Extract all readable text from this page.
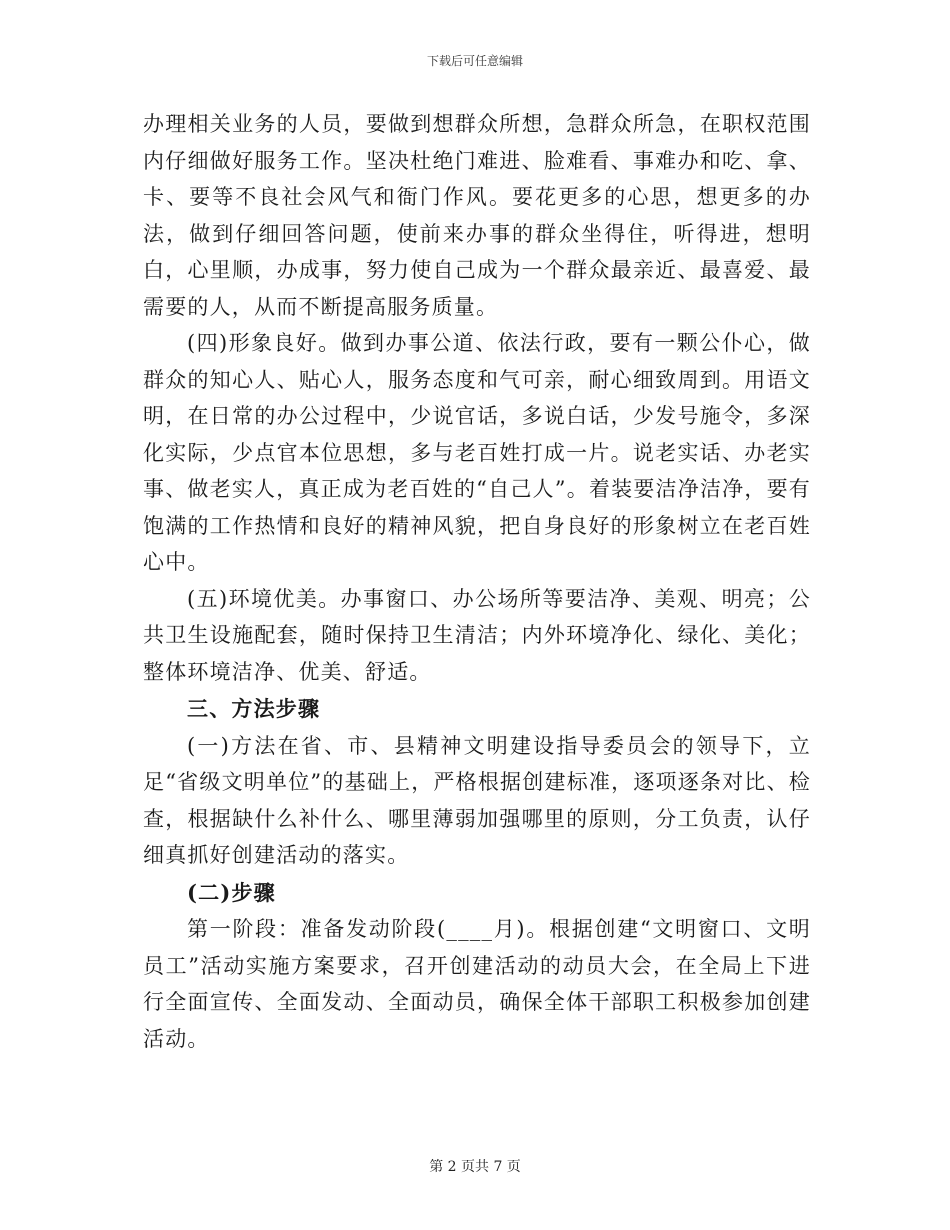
下载后可任意编辑

办理相关业务的人员，要做到想群众所想，急群众所急，在职权范围内仔细做好服务工作。坚决杜绝门难进、脸难看、事难办和吃、拿、卡、要等不良社会风气和衙门作风。要花更多的心思，想更多的办法，做到仔细回答问题，使前来办事的群众坐得住，听得进，想明白，心里顺，办成事，努力使自己成为一个群众最亲近、最喜爱、最需要的人，从而不断提高服务质量。

(四)形象良好。做到办事公道、依法行政，要有一颗公仆心，做群众的知心人、贴心人，服务态度和气可亲，耐心细致周到。用语文明，在日常的办公过程中，少说官话，多说白话，少发号施令，多深化实际，少点官本位思想，多与老百姓打成一片。说老实话、办老实事、做老实人，真正成为老百姓的“自己人”。着装要洁净洁净，要有饱满的工作热情和良好的精神风貌，把自身良好的形象树立在老百姓心中。

(五)环境优美。办事窗口、办公场所等要洁净、美观、明亮；公共卫生设施配套，随时保持卫生清洁；内外环境净化、绿化、美化；整体环境洁净、优美、舒适。

三、方法步骤

(一)方法在省、市、县精神文明建设指导委员会的领导下，立足“省级文明单位”的基础上，严格根据创建标准，逐项逐条对比、检查，根据缺什么补什么、哪里薄弱加强哪里的原则，分工负责，认仔细真抓好创建活动的落实。

(二)步骤

第一阶段：准备发动阶段(____月)。根据创建“文明窗口、文明员工”活动实施方案要求，召开创建活动的动员大会，在全局上下进行全面宣传、全面发动、全面动员，确保全体干部职工积极参加创建活动。

第 2 页共 7 页
